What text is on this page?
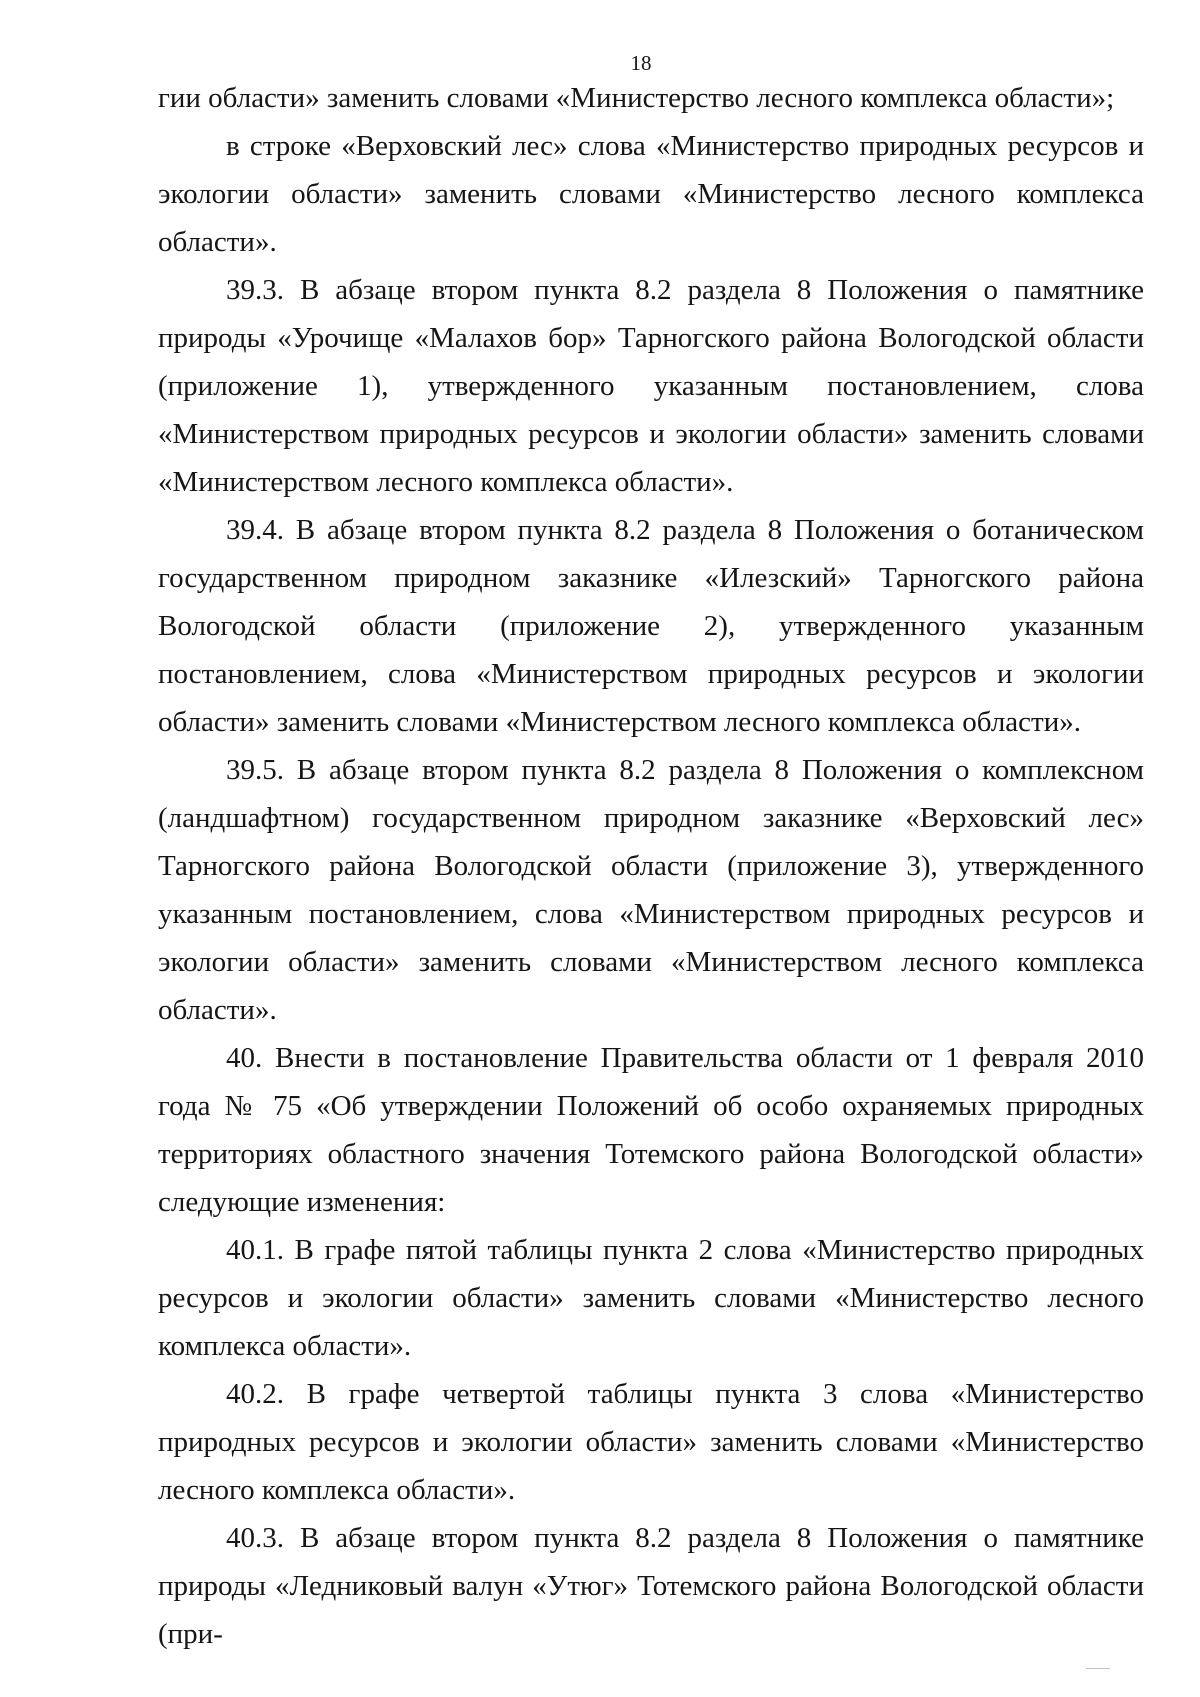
18

гии области» заменить словами «Министерство лесного комплекса области»;

в строке «Верховский лес» слова «Министерство природных ресурсов и экологии области» заменить словами «Министерство лесного комплекса области».

39.3. В абзаце втором пункта 8.2 раздела 8 Положения о памятнике природы «Урочище «Малахов бор» Тарногского района Вологодской области (приложение 1), утвержденного указанным постановлением, слова «Министерством природных ресурсов и экологии области» заменить словами «Министерством лесного комплекса области».

39.4. В абзаце втором пункта 8.2 раздела 8 Положения о ботаническом государственном природном заказнике «Илезский» Тарногского района Вологодской области (приложение 2), утвержденного указанным постановлением, слова «Министерством природных ресурсов и экологии области» заменить словами «Министерством лесного комплекса области».

39.5. В абзаце втором пункта 8.2 раздела 8 Положения о комплексном (ландшафтном) государственном природном заказнике «Верховский лес» Тарногского района Вологодской области (приложение 3), утвержденного указанным постановлением, слова «Министерством природных ресурсов и экологии области» заменить словами «Министерством лесного комплекса области».

40. Внести в постановление Правительства области от 1 февраля 2010 года № 75 «Об утверждении Положений об особо охраняемых природных территориях областного значения Тотемского района Вологодской области» следующие изменения:

40.1. В графе пятой таблицы пункта 2 слова «Министерство природных ресурсов и экологии области» заменить словами «Министерство лесного комплекса области».

40.2. В графе четвертой таблицы пункта 3 слова «Министерство природных ресурсов и экологии области» заменить словами «Министерство лесного комплекса области».

40.3. В абзаце втором пункта 8.2 раздела 8 Положения о памятнике природы «Ледниковый валун «Утюг» Тотемского района Вологодской области (при-
